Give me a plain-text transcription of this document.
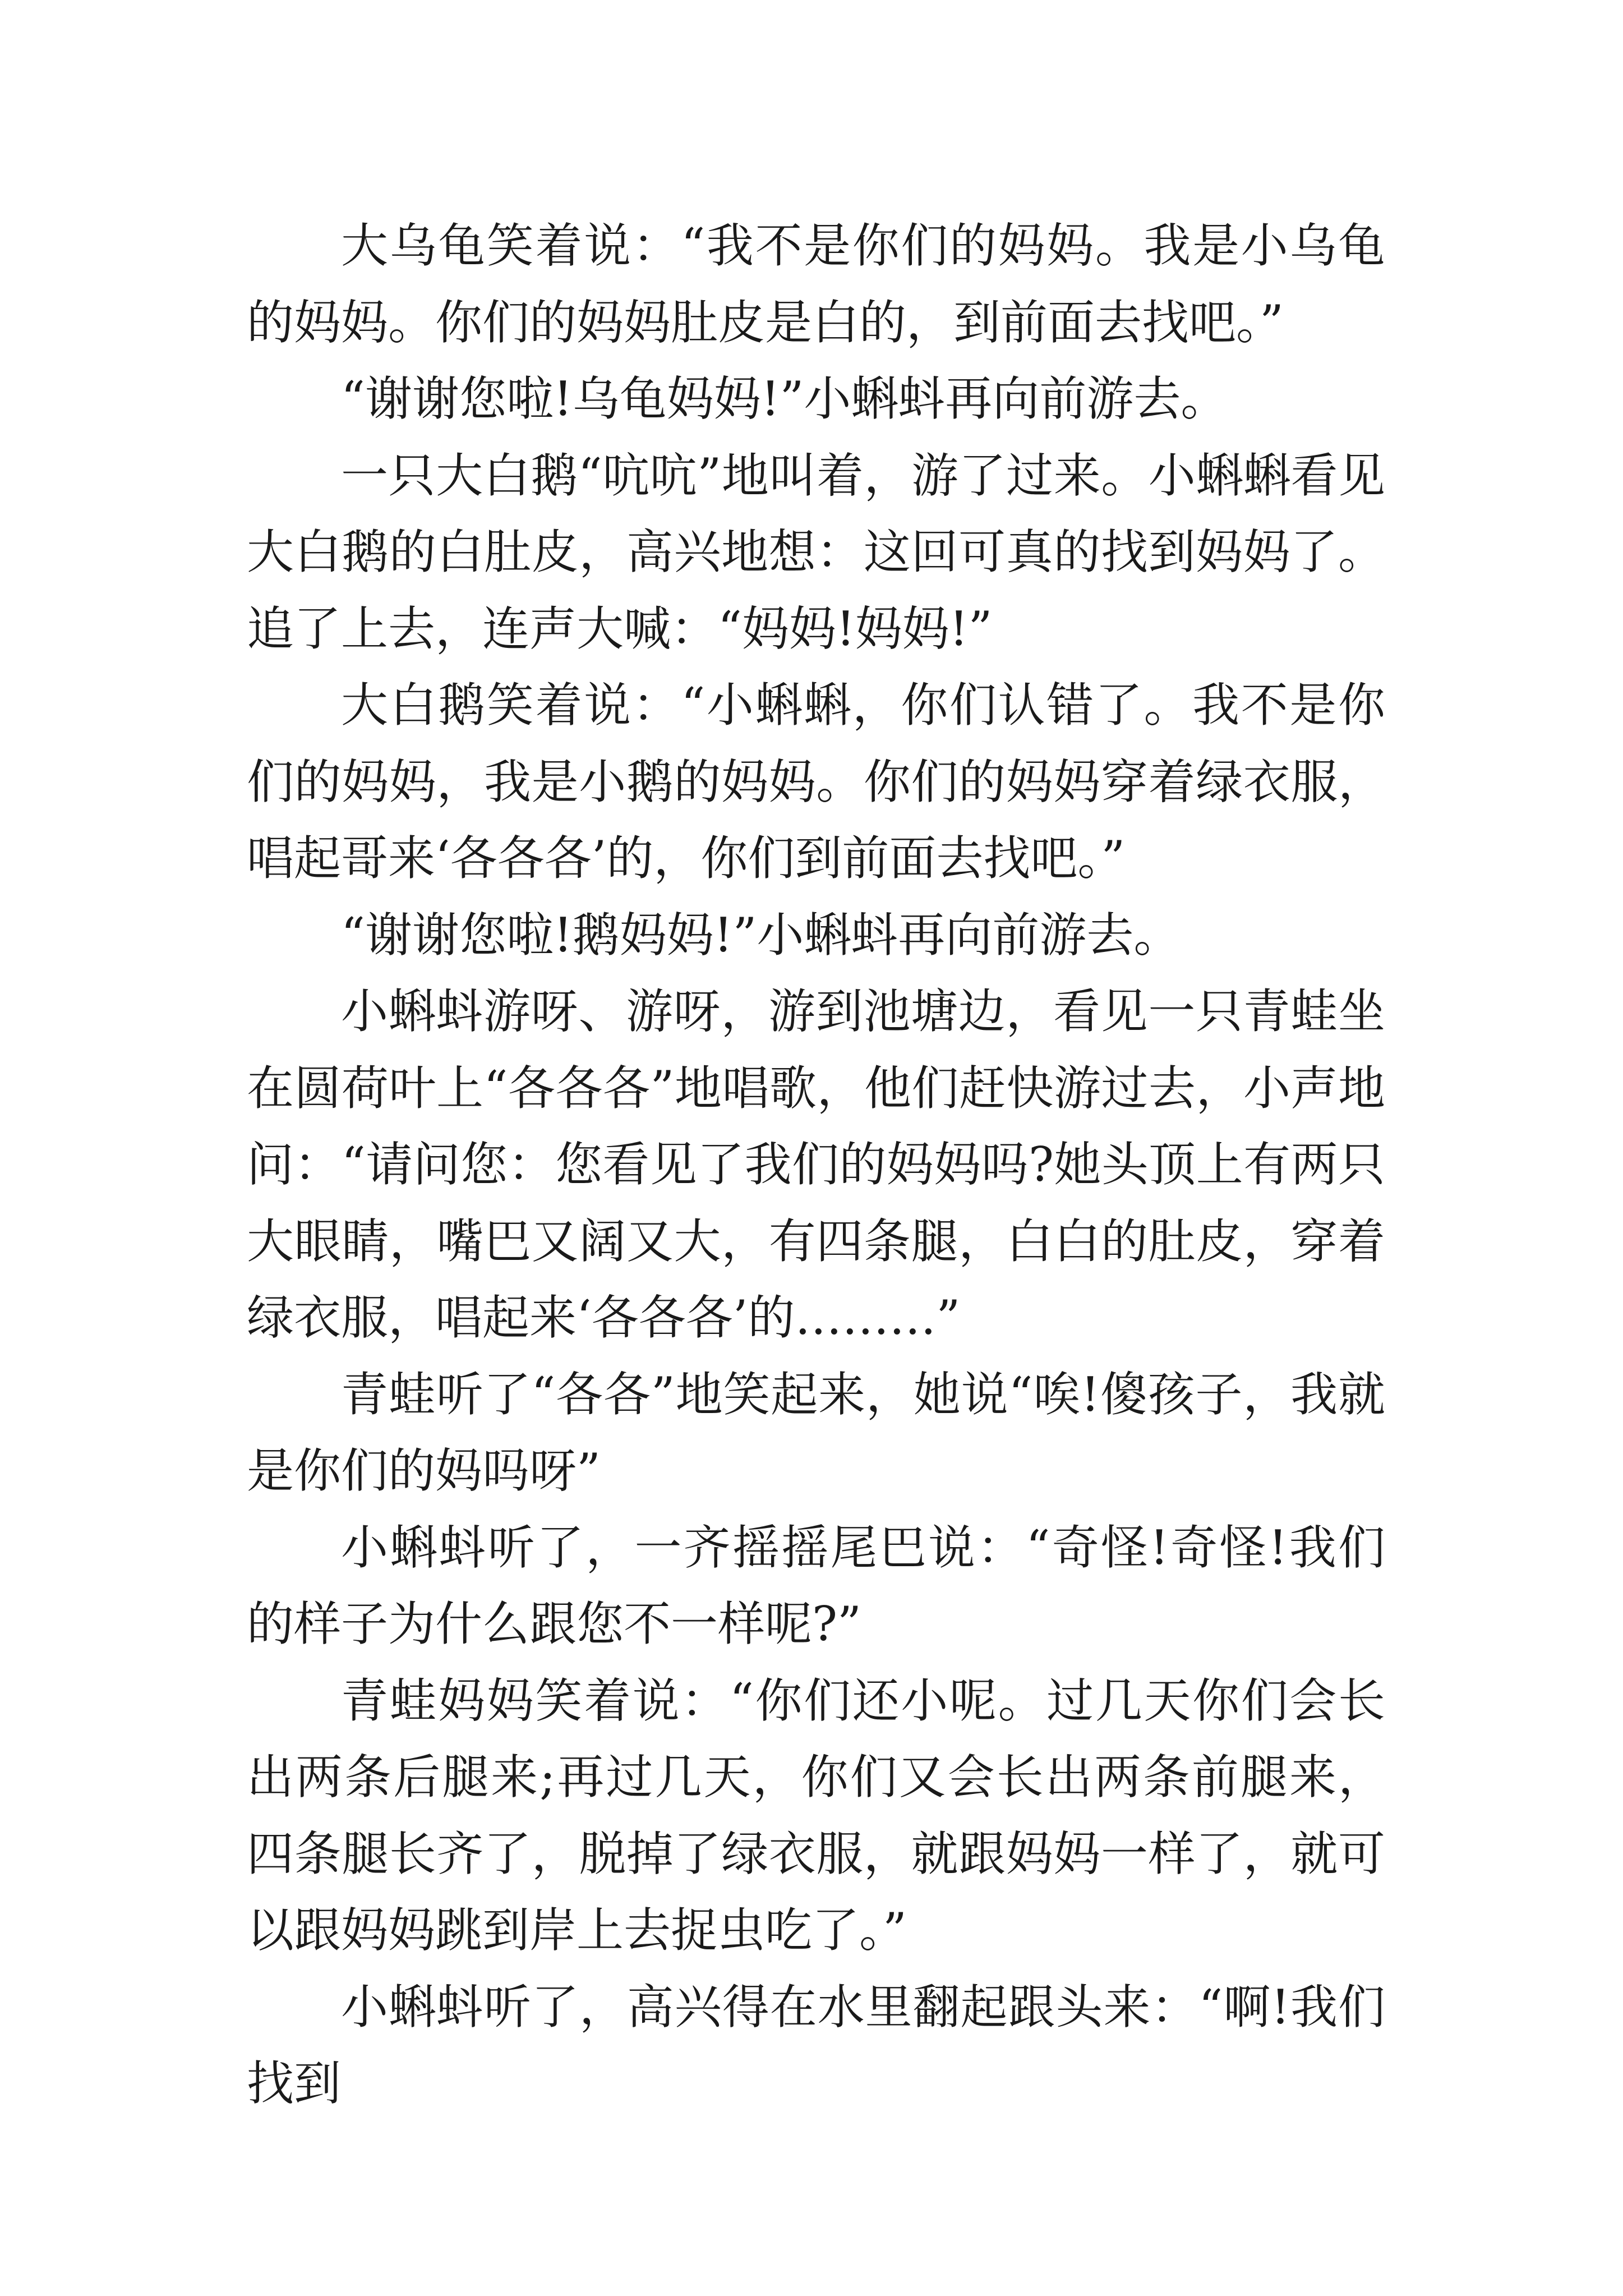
大乌龟笑着说：“我不是你们的妈妈。我是小乌龟的妈妈。你们的妈妈肚皮是白的，到前面去找吧。”

“谢谢您啦!乌龟妈妈!”小蝌蚪再向前游去。

一只大白鹅“吭吭”地叫着，游了过来。小蝌蝌看见大白鹅的白肚皮，高兴地想：这回可真的找到妈妈了。追了上去，连声大喊：“妈妈!妈妈!”

大白鹅笑着说：“小蝌蝌，你们认错了。我不是你们的妈妈，我是小鹅的妈妈。你们的妈妈穿着绿衣服，唱起哥来‘各各各’的，你们到前面去找吧。”

“谢谢您啦!鹅妈妈!”小蝌蚪再向前游去。

小蝌蚪游呀、游呀，游到池塘边，看见一只青蛙坐在圆荷叶上“各各各”地唱歌，他们赶快游过去，小声地问：“请问您：您看见了我们的妈妈吗?她头顶上有两只大眼睛，嘴巴又阔又大，有四条腿，白白的肚皮，穿着绿衣服，唱起来‘各各各’的………”

青蛙听了“各各”地笑起来，她说“唉!傻孩子，我就是你们的妈吗呀”

小蝌蚪听了，一齐摇摇尾巴说：“奇怪!奇怪!我们的样子为什么跟您不一样呢?”

青蛙妈妈笑着说：“你们还小呢。过几天你们会长出两条后腿来;再过几天，你们又会长出两条前腿来，四条腿长齐了，脱掉了绿衣服，就跟妈妈一样了，就可以跟妈妈跳到岸上去捉虫吃了。”

小蝌蚪听了，高兴得在水里翻起跟头来：“啊!我们找到
